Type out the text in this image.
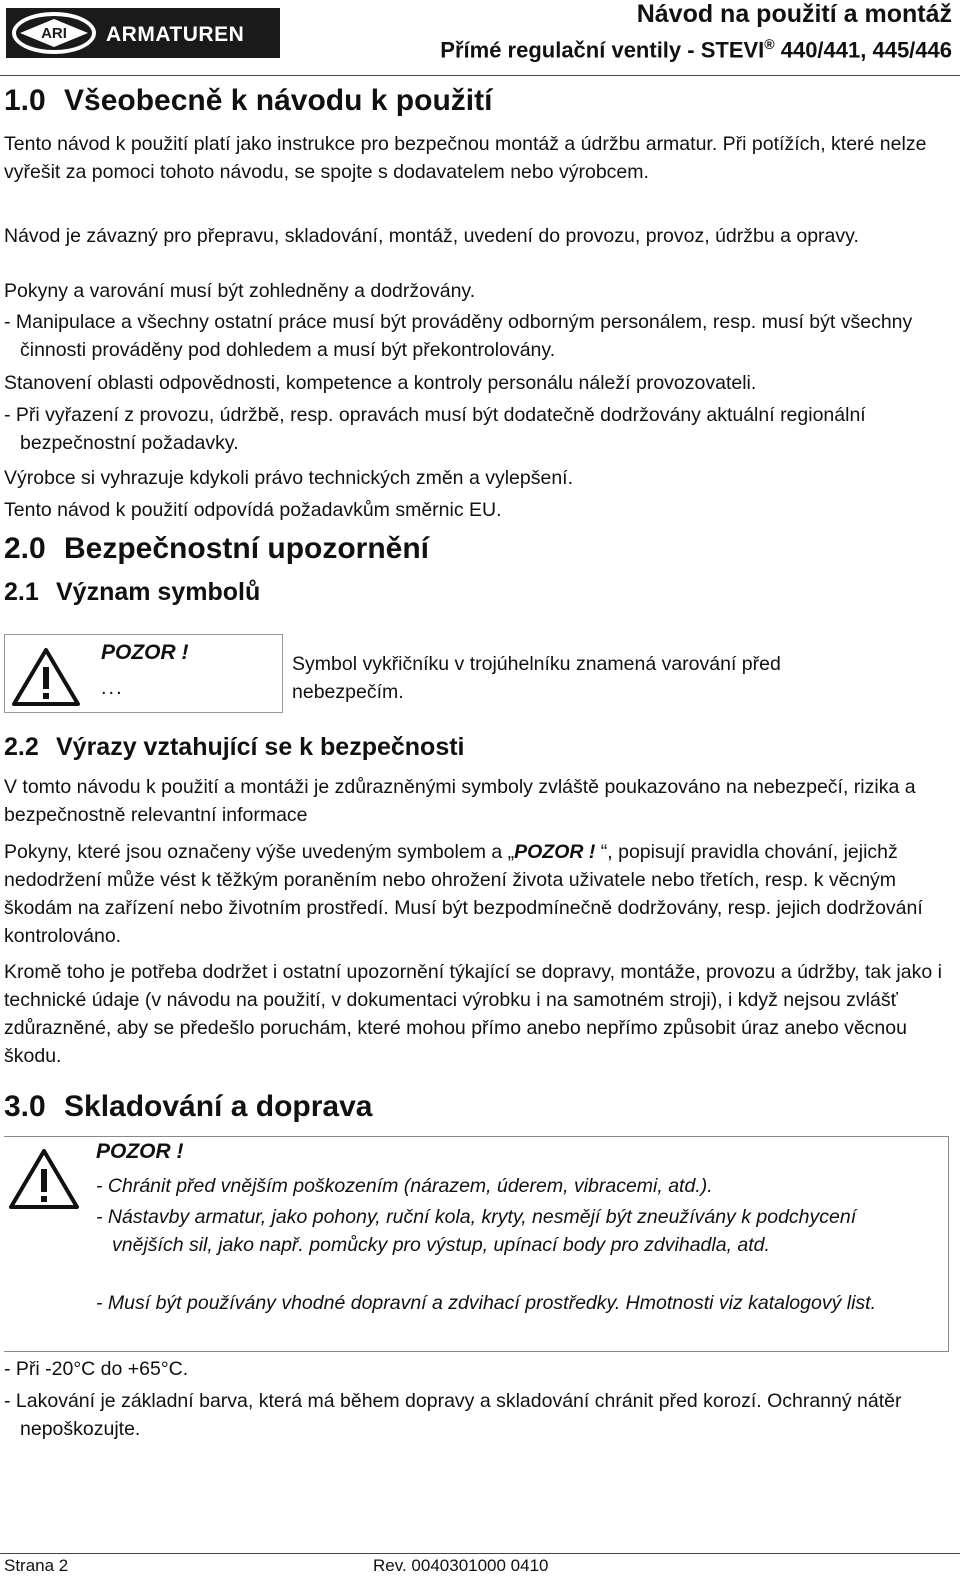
ARI ARMATUREN
Návod na použití a montáž
Přímé regulační ventily - STEVI® 440/441, 445/446
1.0 Všeobecně k návodu k použití

Tento návod k použití platí jako instrukce pro bezpečnou montáž a údržbu armatur. Při potížích, které nelze vyřešit za pomoci tohoto návodu, se spojte s dodavatelem nebo výrobcem.

Návod je závazný pro přepravu, skladování, montáž, uvedení do provozu, provoz, údržbu a opravy.

Pokyny a varování musí být zohledněny a dodržovány.

- Manipulace a všechny ostatní práce musí být prováděny odborným personálem, resp. musí být všechny činnosti prováděny pod dohledem a musí být překontrolovány.

Stanovení oblasti odpovědnosti, kompetence a kontroly personálu náleží provozovateli.

- Při vyřazení z provozu, údržbě, resp. opravách musí být dodatečně dodržovány aktuální regionální bezpečnostní požadavky.

Výrobce si vyhrazuje kdykoli právo technických změn a vylepšení.

Tento návod k použití odpovídá požadavkům směrnic EU.

2.0 Bezpečnostní upozornění
2.1 Význam symbolů
POZOR !
...
Symbol vykřičníku v trojúhelníku znamená varování před nebezpečím.
2.2 Výrazy vztahující se k bezpečnosti

V tomto návodu k použití a montáži je zdůrazněnými symboly zvláště poukazováno na nebezpečí, rizika a bezpečnostně relevantní informace

Pokyny, které jsou označeny výše uvedeným symbolem a „POZOR ! “, popisují pravidla chování, jejichž nedodržení může vést k těžkým poraněním nebo ohrožení života uživatele nebo třetích, resp. k věcným škodám na zařízení nebo životním prostředí. Musí být bezpodmínečně dodržovány, resp. jejich dodržování kontrolováno.

Kromě toho je potřeba dodržet i ostatní upozornění týkající se dopravy, montáže, provozu a údržby, tak jako i technické údaje (v návodu na použití, v dokumentaci výrobku i na samotném stroji), i když nejsou zvlášť zdůrazněné, aby se předešlo poruchám, které mohou přímo anebo nepřímo způsobit úraz anebo věcnou škodu.

3.0 Skladování a doprava
POZOR !
- Chránit před vnějším poškozením (nárazem, úderem, vibracemi, atd.).
- Nástavby armatur, jako pohony, ruční kola, kryty, nesmějí být zneužívány k podchycení vnějších sil, jako např. pomůcky pro výstup, upínací body pro zdvihadla, atd.
- Musí být používány vhodné dopravní a zdvihací prostředky. Hmotnosti viz katalogový list.

- Při -20°C do +65°C.

- Lakování je základní barva, která má během dopravy a skladování chránit před korozí. Ochranný nátěr nepoškozujte.

Strana 2	Rev. 0040301000 0410
